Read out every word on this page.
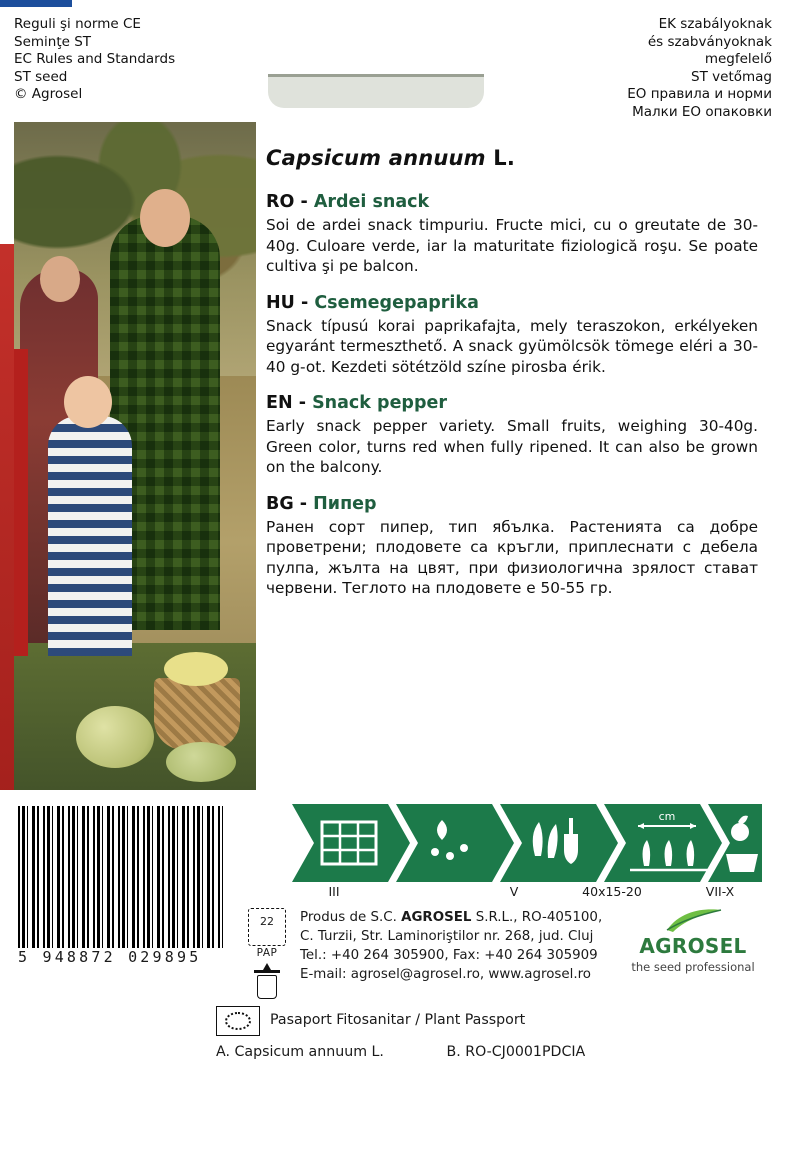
Reguli şi norme CE
Seminţe ST
EC Rules and Standards
ST seed
© Agrosel
EK szabályoknak
és szabványoknak
megfelelő
ST vetőmag
ЕО правила и норми
Малки ЕО опаковки
Capsicum annuum L.
RO - Ardei snack
Soi de ardei snack timpuriu. Fructe mici, cu o greutate de 30-40g. Culoare verde, iar la maturitate fiziologică roşu. Se poate cultiva şi pe balcon.
HU - Csemegepaprika
Snack típusú korai paprikafajta, mely teraszokon, erkélyeken egyaránt termeszthető. A snack gyümölcsök tömege eléri a 30-40 g-ot. Kezdeti sötétzöld színe pirosba érik.
EN - Snack pepper
Early snack pepper variety. Small fruits, weighing 30-40g. Green color, turns red when fully ripened. It can also be grown on the balcony.
BG - Пипер
Ранен сорт пипер, тип ябълка. Растенията са добре проветрени; плодовете са кръгли, приплеснати с дебела пулпа, жълта на цвят, при физиологична зрялост стават червени. Теглото на плодовете е 50-55 гр.
5 948872 029895
cm
III	V	40x15-20	VII-X
22
PAP
Produs de S.C. AGROSEL S.R.L., RO-405100,
C. Turzii, Str. Laminoriştilor nr. 268, jud. Cluj
Tel.: +40 264 305900, Fax: +40 264 305909
E-mail: agrosel@agrosel.ro, www.agrosel.ro
AGROSEL
the seed professional
Pasaport Fitosanitar / Plant Passport
A. Capsicum annuum L.	B. RO-CJ0001PDCIA
